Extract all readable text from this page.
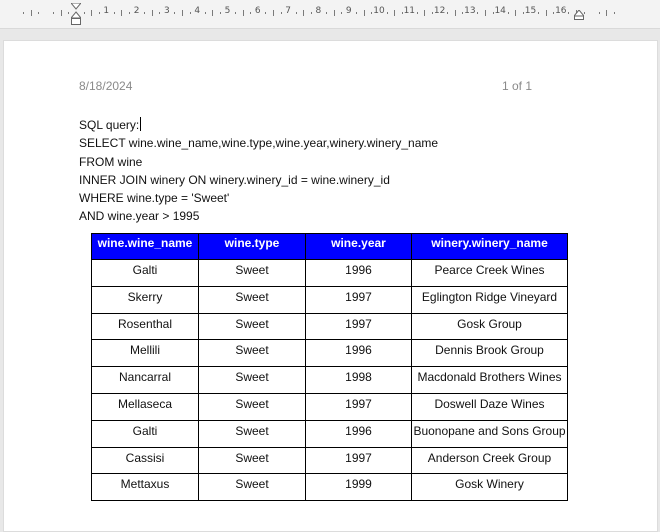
1	2	3	4	5	6	7	8	9 10 11 12 13 14 15 16
8/18/2024	1 of 1
SQL query:
SELECT wine.wine_name,wine.type,wine.year,winery.winery_name
FROM wine
INNER JOIN winery ON winery.winery_id = wine.winery_id
WHERE wine.type = 'Sweet'
AND wine.year > 1995
wine.wine_name	wine.type	wine.year	winery.winery_name
Galti	Sweet	1996	Pearce Creek Wines
Skerry	Sweet	1997	Eglington Ridge Vineyard
Rosenthal	Sweet	1997	Gosk Group
Mellili	Sweet	1996	Dennis Brook Group
Nancarral	Sweet	1998	Macdonald Brothers Wines
Mellaseca	Sweet	1997	Doswell Daze Wines
Galti	Sweet	1996	Buonopane and Sons Group
Cassisi	Sweet	1997	Anderson Creek Group
Mettaxus	Sweet	1999	Gosk Winery
